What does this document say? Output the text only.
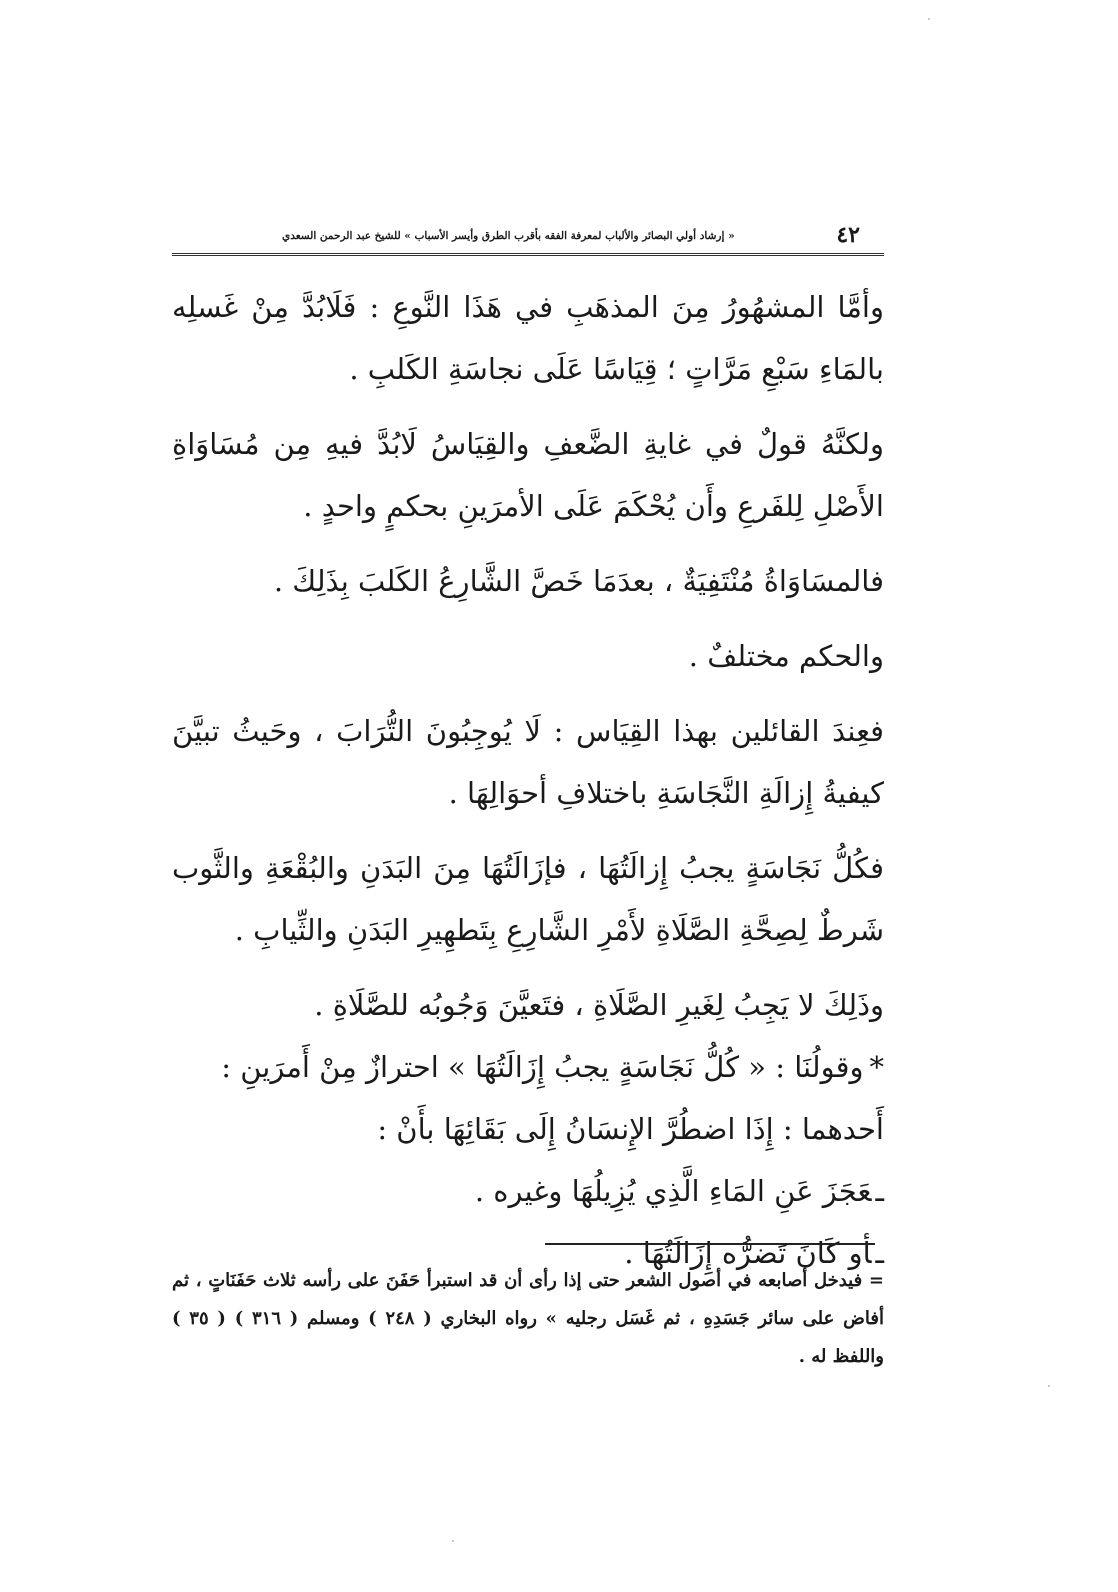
٤٢
« إرشاد أولي البصائر والألباب لمعرفة الفقه بأقرب الطرق وأيسر الأسباب » للشيخ عبد الرحمن السعدي

وأمَّا المشهُورُ مِنَ المذهَبِ في هَذَا النَّوعِ : فَلَابُدَّ مِنْ غَسلِه بالمَاءِ سَبْعِ مَرَّاتٍ ؛ قِيَاسًا عَلَى نجاسَةِ الكَلبِ .

ولكنَّهُ قولٌ في غايةِ الضَّعفِ والقِيَاسُ لَابُدَّ فيهِ مِن مُسَاوَاةِ الأَصْلِ لِلفَرعِ وأَن يُحْكَمَ عَلَى الأمرَينِ بحكمٍ واحدٍ .

فالمسَاوَاةُ مُنْتَفِيَةٌ ، بعدَمَا خَصَّ الشَّارِعُ الكَلبَ بِذَلِكَ .

والحكم مختلفٌ .

فعِندَ القائلين بهذا القِيَاس : لَا يُوجِبُونَ التُّرَابَ ، وحَيثُ تبيَّنَ كيفيةُ إِزالَةِ النَّجَاسَةِ باختلافِ أحوَالِهَا .

فكُلُّ نَجَاسَةٍ يجبُ إِزالَتُهَا ، فإزَالَتُهَا مِنَ البَدَنِ والبُقْعَةِ والثَّوب شَرطٌ لِصِحَّةِ الصَّلَاةِ لأَمْرِ الشَّارِعِ بِتَطهِيرِ البَدَنِ والثِّيابِ .

وذَلِكَ لا يَجِبُ لِغَيرِ الصَّلَاةِ ، فتَعيَّنَ وَجُوبُه للصَّلَاةِ .

*وقولُنَا : « كُلُّ نَجَاسَةٍ يجبُ إِزَالَتُهَا » احترازٌ مِنْ أَمرَينِ :

أَحدهما : إِذَا اضطُرَّ الإِنسَانُ إِلَى بَقَائِهَا بأَنْ :

ـعَجَزَ عَنِ المَاءِ الَّذِي يُزِيلُهَا وغيره .

ـأو كَانَ تَضرُّه إِزَالَتُهَا .

= فيدخل أصابعه في أصول الشعر حتى إذا رأى أن قد استبرأ حَفَنَ على رأسه ثلاث حَفَنَاتٍ ، ثم أفاض على سائر جَسَدِهِ ، ثم غَسَل رجليه » رواه البخاري ( ٢٤٨ ) ومسلم ( ٣١٦ ) ( ٣٥ ) واللفظ له .
